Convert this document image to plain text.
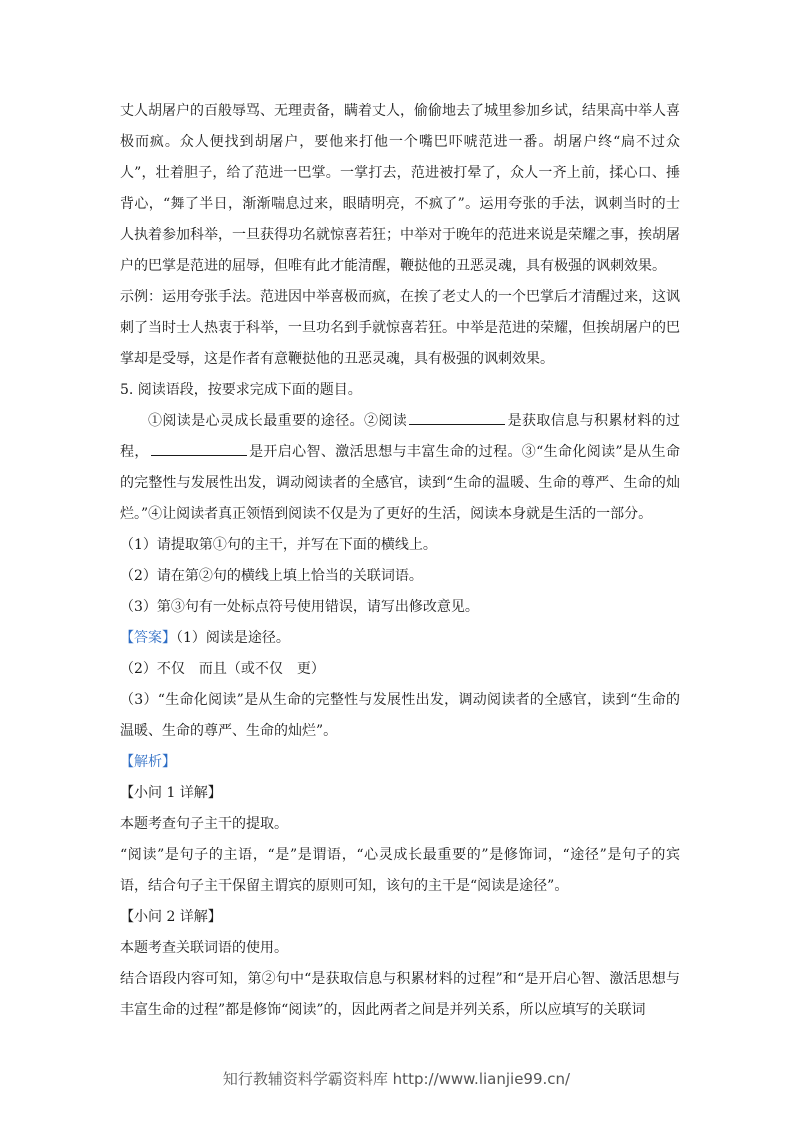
丈人胡屠户的百般辱骂、无理责备，瞒着丈人，偷偷地去了城里参加乡试，结果高中举人喜极而疯。众人便找到胡屠户，要他来打他一个嘴巴吓唬范进一番。胡屠户终“扃不过众人”，壮着胆子，给了范进一巴掌。一掌打去，范进被打晕了，众人一齐上前，揉心口、捶背心，“舞了半日，渐渐喘息过来，眼睛明亮，不疯了”。运用夸张的手法，讽刺当时的士人执着参加科举，一旦获得功名就惊喜若狂；中举对于晚年的范进来说是荣耀之事，挨胡屠户的巴掌是范进的屈辱，但唯有此才能清醒，鞭挞他的丑恶灵魂，具有极强的讽刺效果。

示例：运用夸张手法。范进因中举喜极而疯，在挨了老丈人的一个巴掌后才清醒过来，这讽刺了当时士人热衷于科举，一旦功名到手就惊喜若狂。中举是范进的荣耀，但挨胡屠户的巴掌却是受辱，这是作者有意鞭挞他的丑恶灵魂，具有极强的讽刺效果。

5. 阅读语段，按要求完成下面的题目。

①阅读是心灵成长最重要的途径。②阅读	是获取信息与积累材料的过程，	是开启心智、激活思想与丰富生命的过程。③“生命化阅读”是从生命的完整性与发展性出发，调动阅读者的全感官，读到“生命的温暖、生命的尊严、生命的灿烂。”④让阅读者真正领悟到阅读不仅是为了更好的生活，阅读本身就是生活的一部分。

（1）请提取第①句的主干，并写在下面的横线上。

（2）请在第②句的横线上填上恰当的关联词语。

（3）第③句有一处标点符号使用错误，请写出修改意见。

【答案】（1）阅读是途径。

（2）不仅　而且（或不仅　更）

（3）“生命化阅读”是从生命的完整性与发展性出发，调动阅读者的全感官，读到“生命的温暖、生命的尊严、生命的灿烂”。

【解析】

【小问 1 详解】

本题考查句子主干的提取。

“阅读”是句子的主语，“是”是谓语，“心灵成长最重要的”是修饰词，“途径”是句子的宾语，结合句子主干保留主谓宾的原则可知，该句的主干是“阅读是途径”。

【小问 2 详解】

本题考查关联词语的使用。

结合语段内容可知，第②句中“是获取信息与积累材料的过程”和“是开启心智、激活思想与丰富生命的过程”都是修饰“阅读”的，因此两者之间是并列关系，所以应填写的关联词

知行教辅资料学霸资料库 http://www.lianjie99.cn/
